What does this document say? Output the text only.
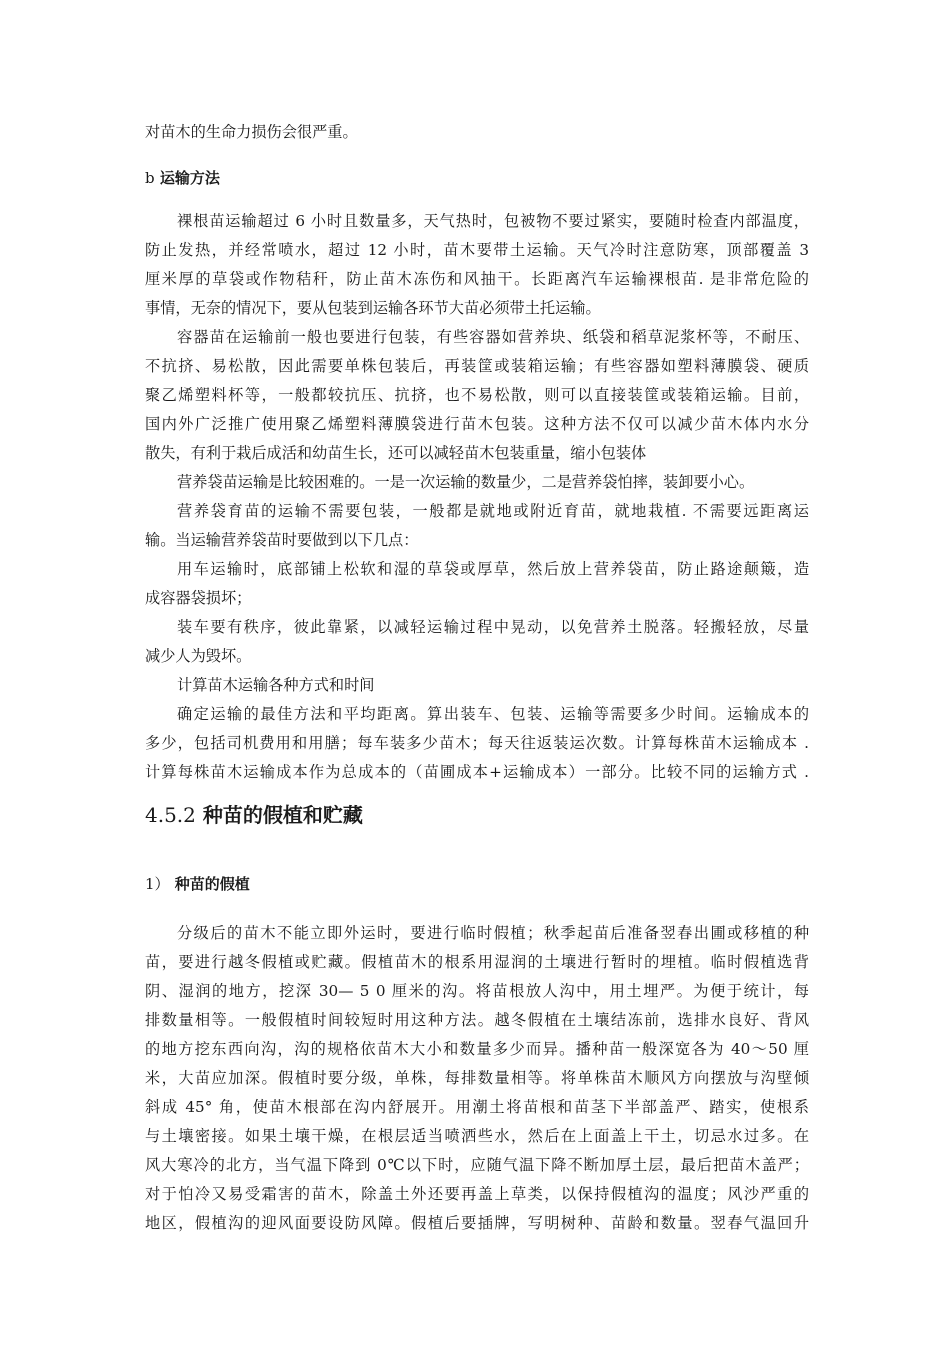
对苗木的生命力损伤会很严重。
b 运输方法
裸根苗运输超过 6 小时且数量多，天气热时，包被物不要过紧实，要随时检查内部温度，
防止发热，并经常喷水，超过 12 小时，苗木要带土运输。天气冷时注意防寒，顶部覆盖 3
厘米厚的草袋或作物秸秆，防止苗木冻伤和风抽干。长距离汽车运输裸根苗. 是非常危险的
事情，无奈的情况下，要从包装到运输各环节大苗必须带土托运输。
容器苗在运输前一般也要进行包装，有些容器如营养块、纸袋和稻草泥浆杯等，不耐压、
不抗挤、易松散，因此需要单株包装后，再装筐或装箱运输；有些容器如塑料薄膜袋、硬质
聚乙烯塑料杯等，一般都较抗压、抗挤，也不易松散，则可以直接装筐或装箱运输。目前，
国内外广泛推广使用聚乙烯塑料薄膜袋进行苗木包装。这种方法不仅可以减少苗木体内水分
散失，有利于栽后成活和幼苗生长，还可以减轻苗木包装重量，缩小包装体
营养袋苗运输是比较困难的。一是一次运输的数量少，二是营养袋怕摔，装卸要小心。
营养袋育苗的运输不需要包装，一般都是就地或附近育苗，就地栽植. 不需要远距离运
输。当运输营养袋苗时要做到以下几点：
用车运输时，底部铺上松软和湿的草袋或厚草，然后放上营养袋苗，防止路途颠簸，造
成容器袋损坏；
装车要有秩序，彼此靠紧，以减轻运输过程中晃动，以免营养土脱落。轻搬轻放，尽量
减少人为毁坏。
计算苗木运输各种方式和时间
确定运输的最佳方法和平均距离。算出装车、包装、运输等需要多少时间。运输成本的
多少，包括司机费用和用膳；每车装多少苗木；每天往返装运次数。计算每株苗木运输成本 .
计算每株苗木运输成本作为总成本的（苗圃成本+运输成本）一部分。比较不同的运输方式 .
4.5.2 种苗的假植和贮藏
1） 种苗的假植
分级后的苗木不能立即外运时，要进行临时假植；秋季起苗后准备翌春出圃或移植的种
苗，要进行越冬假植或贮藏。假植苗木的根系用湿润的土壤进行暂时的埋植。临时假植选背
阴、湿润的地方，挖深 30— 5 0 厘米的沟。将苗根放人沟中，用土埋严。为便于统计，每
排数量相等。一般假植时间较短时用这种方法。越冬假植在土壤结冻前，选排水良好、背风
的地方挖东西向沟，沟的规格依苗木大小和数量多少而异。播种苗一般深宽各为 40～50 厘
米，大苗应加深。假植时要分级，单株，每排数量相等。将单株苗木顺风方向摆放与沟壁倾
斜成 45° 角，使苗木根部在沟内舒展开。用潮土将苗根和苗茎下半部盖严、踏实，使根系
与土壤密接。如果土壤干燥，在根层适当喷洒些水，然后在上面盖上干土，切忌水过多。在
风大寒冷的北方，当气温下降到 0℃以下时，应随气温下降不断加厚土层，最后把苗木盖严；
对于怕冷又易受霜害的苗木，除盖土外还要再盖上草类，以保持假植沟的温度；风沙严重的
地区，假植沟的迎风面要设防风障。假植后要插牌，写明树种、苗龄和数量。翌春气温回升
